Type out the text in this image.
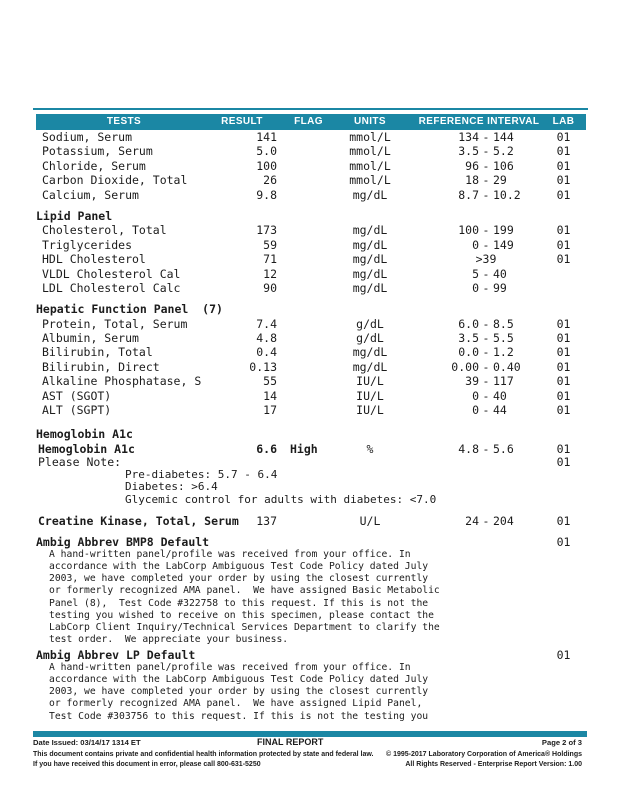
TESTS	RESULT	FLAG	UNITS	REFERENCE INTERVAL	LAB
Sodium, Serum	141	mmol/L	134 - 144	01
Potassium, Serum	5.0	mmol/L	3.5 - 5.2	01
Chloride, Serum	100	mmol/L	96 - 106	01
Carbon Dioxide, Total	26	mmol/L	18 - 29	01
Calcium, Serum	9.8	mg/dL	8.7 - 10.2	01
Lipid Panel
Cholesterol, Total	173	mg/dL	100 - 199	01
Triglycerides	59	mg/dL	0 - 149	01
HDL Cholesterol	71	mg/dL	>39	01
VLDL Cholesterol Cal	12	mg/dL	5 - 40
LDL Cholesterol Calc	90	mg/dL	0 - 99
Hepatic Function Panel  (7)
Protein, Total, Serum	7.4	g/dL	6.0 - 8.5	01
Albumin, Serum	4.8	g/dL	3.5 - 5.5	01
Bilirubin, Total	0.4	mg/dL	0.0 - 1.2	01
Bilirubin, Direct	0.13	mg/dL	0.00 - 0.40	01
Alkaline Phosphatase, S	55	IU/L	39 - 117	01
AST (SGOT)	14	IU/L	0 - 40	01
ALT (SGPT)	17	IU/L	0 - 44	01
Hemoglobin A1c
Hemoglobin A1c	6.6	High	%	4.8 - 5.6	01
Please Note:	01
Pre-diabetes: 5.7 - 6.4
Diabetes: >6.4
Glycemic control for adults with diabetes: <7.0
Creatine Kinase, Total, Serum	137	U/L	24 - 204	01
Ambig Abbrev BMP8 Default	01
A hand-written panel/profile was received from your office. In
accordance with the LabCorp Ambiguous Test Code Policy dated July
2003, we have completed your order by using the closest currently
or formerly recognized AMA panel.  We have assigned Basic Metabolic
Panel (8),  Test Code #322758 to this request. If this is not the
testing you wished to receive on this specimen, please contact the
LabCorp Client Inquiry/Technical Services Department to clarify the
test order.  We appreciate your business.
Ambig Abbrev LP Default	01
A hand-written panel/profile was received from your office. In
accordance with the LabCorp Ambiguous Test Code Policy dated July
2003, we have completed your order by using the closest currently
or formerly recognized AMA panel.  We have assigned Lipid Panel,
Test Code #303756 to this request. If this is not the testing you
Date Issued: 03/14/17 1314 ET	FINAL REPORT	Page 2 of 3
This document contains private and confidential health information protected by state and federal law.
If you have received this document in error, please call 800-631-5250
© 1995-2017 Laboratory Corporation of America® Holdings
All Rights Reserved - Enterprise Report Version: 1.00
